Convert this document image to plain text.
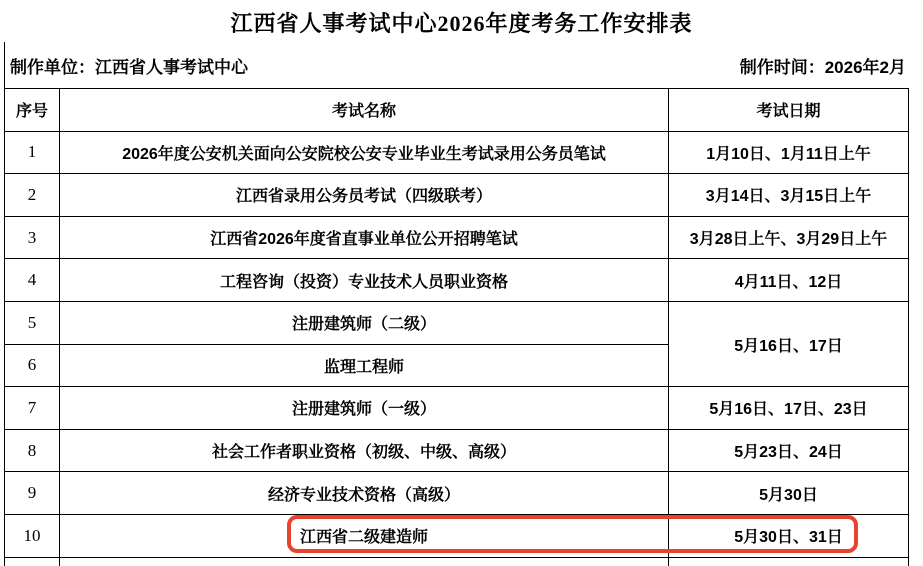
江西省人事考试中心2026年度考务工作安排表
制作单位：江西省人事考试中心	制作时间：2026年2月
序号	考试名称	考试日期
1	2026年度公安机关面向公安院校公安专业毕业生考试录用公务员笔试	1月10日、1月11日上午
2	江西省录用公务员考试（四级联考）	3月14日、3月15日上午
3	江西省2026年度省直事业单位公开招聘笔试	3月28日上午、3月29日上午
4	工程咨询（投资）专业技术人员职业资格	4月11日、12日
5	注册建筑师（二级）	5月16日、17日
6	监理工程师	
7	注册建筑师（一级）	5月16日、17日、23日
8	社会工作者职业资格（初级、中级、高级）	5月23日、24日
9	经济专业技术资格（高级）	5月30日
10	江西省二级建造师	5月30日、31日
